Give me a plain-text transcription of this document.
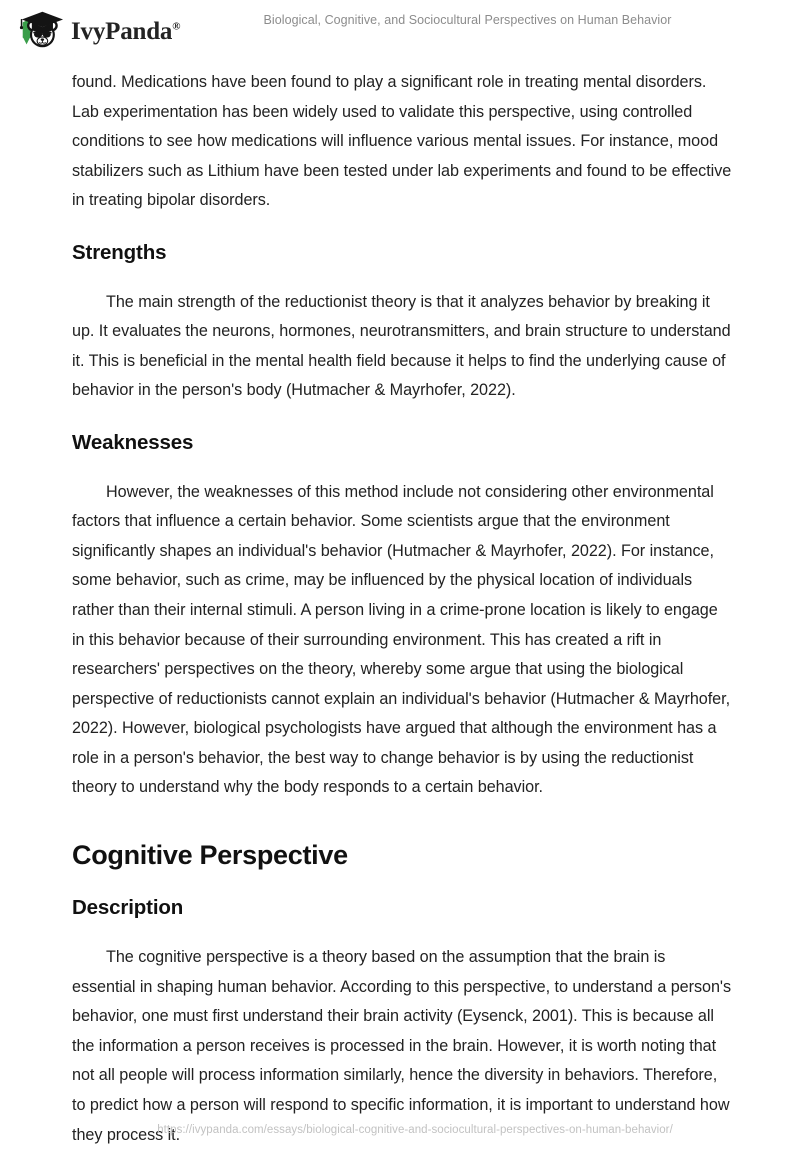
IvyPanda®	Biological, Cognitive, and Sociocultural Perspectives on Human Behavior

found. Medications have been found to play a significant role in treating mental disorders. Lab experimentation has been widely used to validate this perspective, using controlled conditions to see how medications will influence various mental issues. For instance, mood stabilizers such as Lithium have been tested under lab experiments and found to be effective in treating bipolar disorders.

Strengths

The main strength of the reductionist theory is that it analyzes behavior by breaking it up. It evaluates the neurons, hormones, neurotransmitters, and brain structure to understand it. This is beneficial in the mental health field because it helps to find the underlying cause of behavior in the person's body (Hutmacher & Mayrhofer, 2022).

Weaknesses

However, the weaknesses of this method include not considering other environmental factors that influence a certain behavior. Some scientists argue that the environment significantly shapes an individual's behavior (Hutmacher & Mayrhofer, 2022). For instance, some behavior, such as crime, may be influenced by the physical location of individuals rather than their internal stimuli. A person living in a crime-prone location is likely to engage in this behavior because of their surrounding environment. This has created a rift in researchers' perspectives on the theory, whereby some argue that using the biological perspective of reductionists cannot explain an individual's behavior (Hutmacher & Mayrhofer, 2022). However, biological psychologists have argued that although the environment has a role in a person's behavior, the best way to change behavior is by using the reductionist theory to understand why the body responds to a certain behavior.

Cognitive Perspective
Description

The cognitive perspective is a theory based on the assumption that the brain is essential in shaping human behavior. According to this perspective, to understand a person's behavior, one must first understand their brain activity (Eysenck, 2001). This is because all the information a person receives is processed in the brain. However, it is worth noting that not all people will process information similarly, hence the diversity in behaviors. Therefore, to predict how a person will respond to specific information, it is important to understand how they process it.

https://ivypanda.com/essays/biological-cognitive-and-sociocultural-perspectives-on-human-behavior/
